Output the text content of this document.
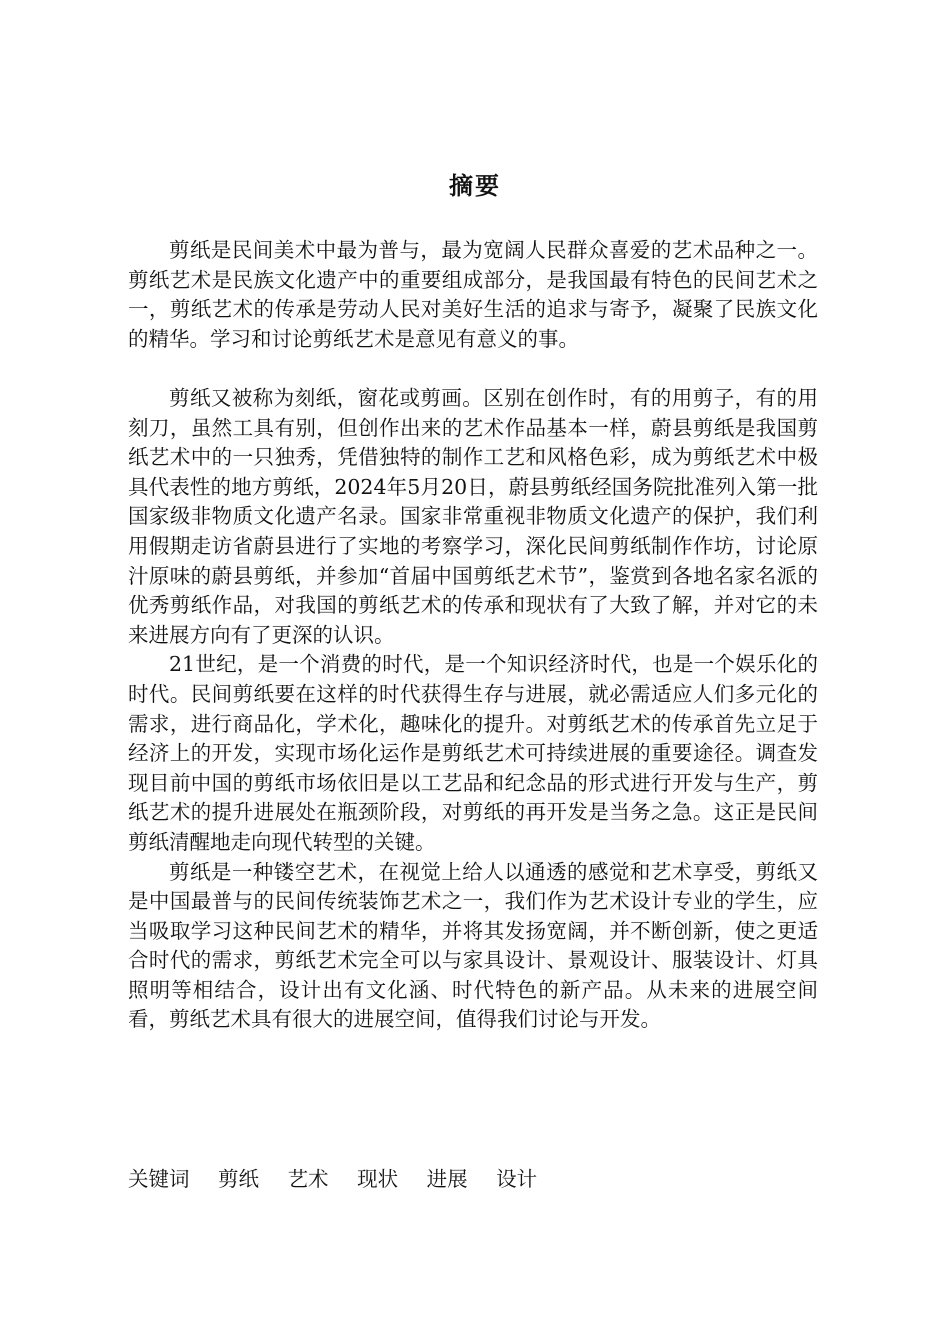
摘要

剪纸是民间美术中最为普与，最为宽阔人民群众喜爱的艺术品种之一。剪纸艺术是民族文化遗产中的重要组成部分，是我国最有特色的民间艺术之一，剪纸艺术的传承是劳动人民对美好生活的追求与寄予，凝聚了民族文化的精华。学习和讨论剪纸艺术是意见有意义的事。

剪纸又被称为刻纸，窗花或剪画。区别在创作时，有的用剪子，有的用刻刀，虽然工具有别，但创作出来的艺术作品基本一样，蔚县剪纸是我国剪纸艺术中的一只独秀，凭借独特的制作工艺和风格色彩，成为剪纸艺术中极具代表性的地方剪纸，2024年5月20日，蔚县剪纸经国务院批准列入第一批国家级非物质文化遗产名录。国家非常重视非物质文化遗产的保护，我们利用假期走访省蔚县进行了实地的考察学习，深化民间剪纸制作作坊，讨论原汁原味的蔚县剪纸，并参加“首届中国剪纸艺术节”，鉴赏到各地名家名派的优秀剪纸作品，对我国的剪纸艺术的传承和现状有了大致了解，并对它的未来进展方向有了更深的认识。

21世纪，是一个消费的时代，是一个知识经济时代，也是一个娱乐化的时代。民间剪纸要在这样的时代获得生存与进展，就必需适应人们多元化的需求，进行商品化，学术化，趣味化的提升。对剪纸艺术的传承首先立足于经济上的开发，实现市场化运作是剪纸艺术可持续进展的重要途径。调查发现目前中国的剪纸市场依旧是以工艺品和纪念品的形式进行开发与生产，剪纸艺术的提升进展处在瓶颈阶段，对剪纸的再开发是当务之急。这正是民间剪纸清醒地走向现代转型的关键。

剪纸是一种镂空艺术，在视觉上给人以通透的感觉和艺术享受，剪纸又是中国最普与的民间传统装饰艺术之一，我们作为艺术设计专业的学生，应当吸取学习这种民间艺术的精华，并将其发扬宽阔，并不断创新，使之更适合时代的需求，剪纸艺术完全可以与家具设计、景观设计、服装设计、灯具照明等相结合，设计出有文化涵、时代特色的新产品。从未来的进展空间看，剪纸艺术具有很大的进展空间，值得我们讨论与开发。

关键词 剪纸 艺术 现状 进展 设计
